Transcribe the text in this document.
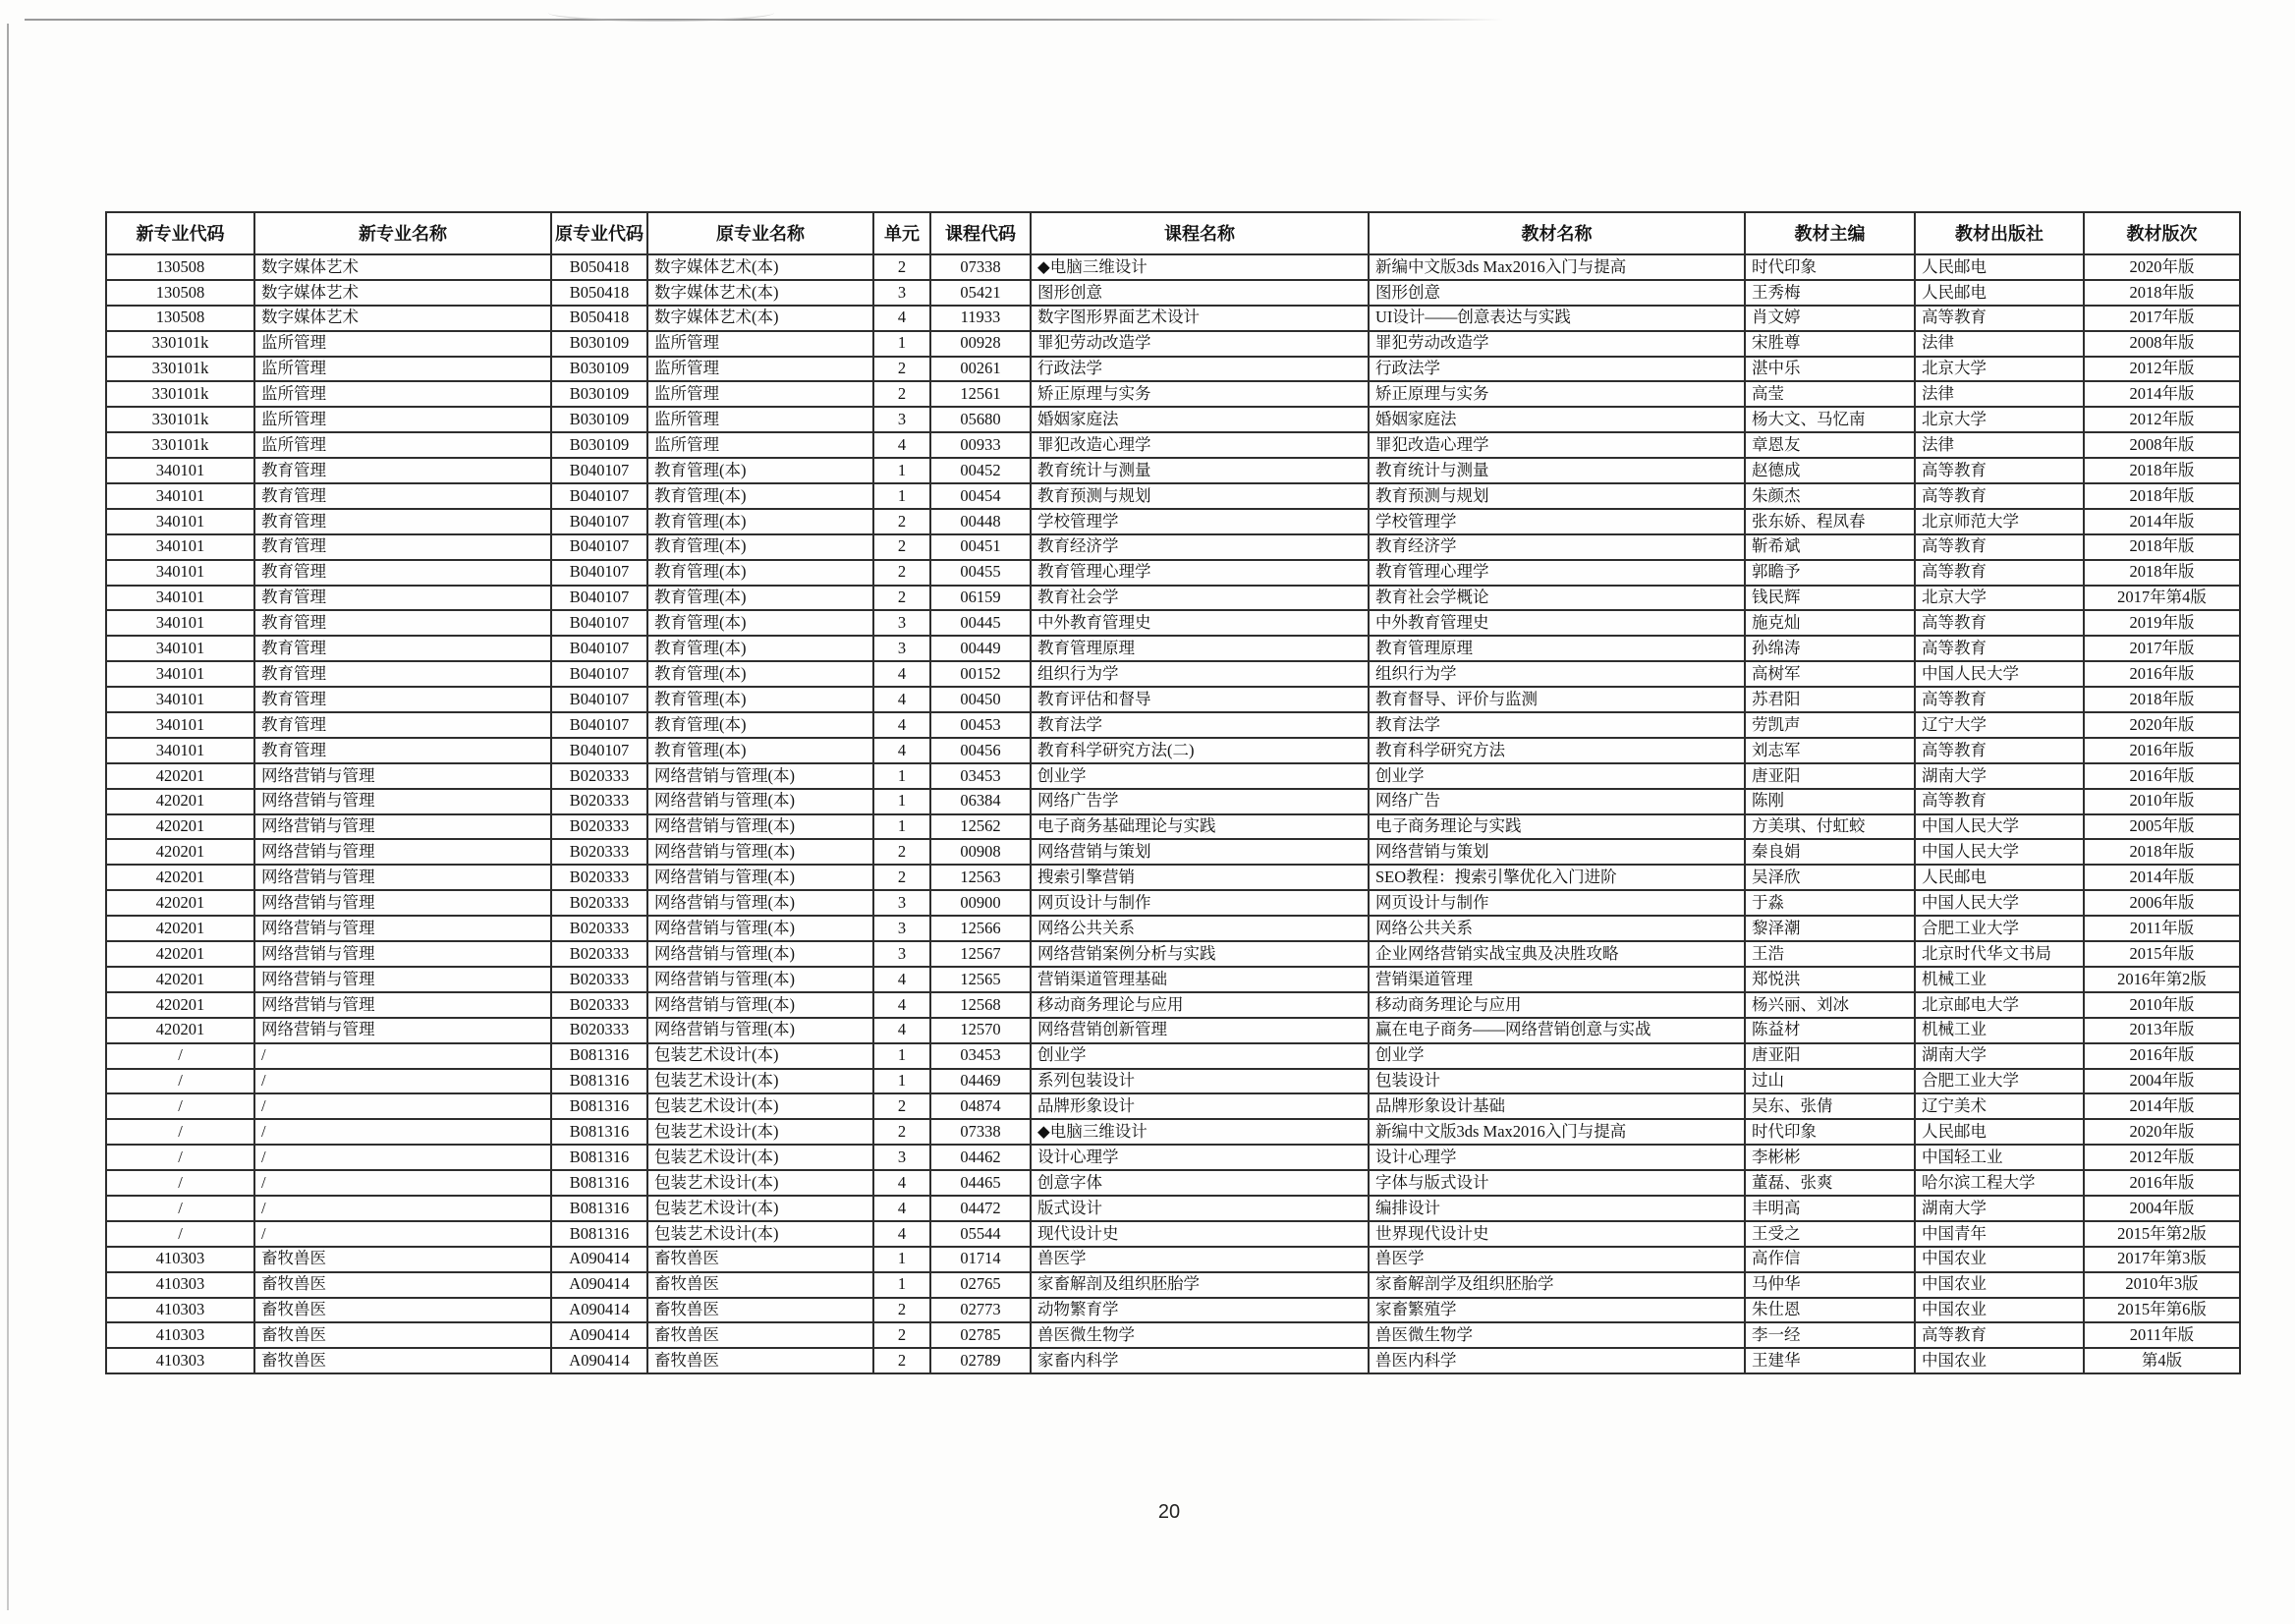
新专业代码	新专业名称	原专业代码	原专业名称	单元	课程代码	课程名称	教材名称	教材主编	教材出版社	教材版次
130508	数字媒体艺术	B050418	数字媒体艺术(本)	2	07338	◆电脑三维设计	新编中文版3ds Max2016入门与提高	时代印象	人民邮电	2020年版
130508	数字媒体艺术	B050418	数字媒体艺术(本)	3	05421	图形创意	图形创意	王秀梅	人民邮电	2018年版
130508	数字媒体艺术	B050418	数字媒体艺术(本)	4	11933	数字图形界面艺术设计	UI设计——创意表达与实践	肖文婷	高等教育	2017年版
330101k	监所管理	B030109	监所管理	1	00928	罪犯劳动改造学	罪犯劳动改造学	宋胜尊	法律	2008年版
330101k	监所管理	B030109	监所管理	2	00261	行政法学	行政法学	湛中乐	北京大学	2012年版
330101k	监所管理	B030109	监所管理	2	12561	矫正原理与实务	矫正原理与实务	高莹	法律	2014年版
330101k	监所管理	B030109	监所管理	3	05680	婚姻家庭法	婚姻家庭法	杨大文、马忆南	北京大学	2012年版
330101k	监所管理	B030109	监所管理	4	00933	罪犯改造心理学	罪犯改造心理学	章恩友	法律	2008年版
340101	教育管理	B040107	教育管理(本)	1	00452	教育统计与测量	教育统计与测量	赵德成	高等教育	2018年版
340101	教育管理	B040107	教育管理(本)	1	00454	教育预测与规划	教育预测与规划	朱颜杰	高等教育	2018年版
340101	教育管理	B040107	教育管理(本)	2	00448	学校管理学	学校管理学	张东娇、程凤春	北京师范大学	2014年版
340101	教育管理	B040107	教育管理(本)	2	00451	教育经济学	教育经济学	靳希斌	高等教育	2018年版
340101	教育管理	B040107	教育管理(本)	2	00455	教育管理心理学	教育管理心理学	郭瞻予	高等教育	2018年版
340101	教育管理	B040107	教育管理(本)	2	06159	教育社会学	教育社会学概论	钱民辉	北京大学	2017年第4版
340101	教育管理	B040107	教育管理(本)	3	00445	中外教育管理史	中外教育管理史	施克灿	高等教育	2019年版
340101	教育管理	B040107	教育管理(本)	3	00449	教育管理原理	教育管理原理	孙绵涛	高等教育	2017年版
340101	教育管理	B040107	教育管理(本)	4	00152	组织行为学	组织行为学	高树军	中国人民大学	2016年版
340101	教育管理	B040107	教育管理(本)	4	00450	教育评估和督导	教育督导、评价与监测	苏君阳	高等教育	2018年版
340101	教育管理	B040107	教育管理(本)	4	00453	教育法学	教育法学	劳凯声	辽宁大学	2020年版
340101	教育管理	B040107	教育管理(本)	4	00456	教育科学研究方法(二)	教育科学研究方法	刘志军	高等教育	2016年版
420201	网络营销与管理	B020333	网络营销与管理(本)	1	03453	创业学	创业学	唐亚阳	湖南大学	2016年版
420201	网络营销与管理	B020333	网络营销与管理(本)	1	06384	网络广告学	网络广告	陈刚	高等教育	2010年版
420201	网络营销与管理	B020333	网络营销与管理(本)	1	12562	电子商务基础理论与实践	电子商务理论与实践	方美琪、付虹蛟	中国人民大学	2005年版
420201	网络营销与管理	B020333	网络营销与管理(本)	2	00908	网络营销与策划	网络营销与策划	秦良娟	中国人民大学	2018年版
420201	网络营销与管理	B020333	网络营销与管理(本)	2	12563	搜索引擎营销	SEO教程：搜索引擎优化入门进阶	吴泽欣	人民邮电	2014年版
420201	网络营销与管理	B020333	网络营销与管理(本)	3	00900	网页设计与制作	网页设计与制作	于淼	中国人民大学	2006年版
420201	网络营销与管理	B020333	网络营销与管理(本)	3	12566	网络公共关系	网络公共关系	黎泽潮	合肥工业大学	2011年版
420201	网络营销与管理	B020333	网络营销与管理(本)	3	12567	网络营销案例分析与实践	企业网络营销实战宝典及决胜攻略	王浩	北京时代华文书局	2015年版
420201	网络营销与管理	B020333	网络营销与管理(本)	4	12565	营销渠道管理基础	营销渠道管理	郑悦洪	机械工业	2016年第2版
420201	网络营销与管理	B020333	网络营销与管理(本)	4	12568	移动商务理论与应用	移动商务理论与应用	杨兴丽、刘冰	北京邮电大学	2010年版
420201	网络营销与管理	B020333	网络营销与管理(本)	4	12570	网络营销创新管理	赢在电子商务——网络营销创意与实战	陈益材	机械工业	2013年版
/	/	B081316	包装艺术设计(本)	1	03453	创业学	创业学	唐亚阳	湖南大学	2016年版
/	/	B081316	包装艺术设计(本)	1	04469	系列包装设计	包装设计	过山	合肥工业大学	2004年版
/	/	B081316	包装艺术设计(本)	2	04874	品牌形象设计	品牌形象设计基础	吴东、张倩	辽宁美术	2014年版
/	/	B081316	包装艺术设计(本)	2	07338	◆电脑三维设计	新编中文版3ds Max2016入门与提高	时代印象	人民邮电	2020年版
/	/	B081316	包装艺术设计(本)	3	04462	设计心理学	设计心理学	李彬彬	中国轻工业	2012年版
/	/	B081316	包装艺术设计(本)	4	04465	创意字体	字体与版式设计	董磊、张爽	哈尔滨工程大学	2016年版
/	/	B081316	包装艺术设计(本)	4	04472	版式设计	编排设计	丰明高	湖南大学	2004年版
/	/	B081316	包装艺术设计(本)	4	05544	现代设计史	世界现代设计史	王受之	中国青年	2015年第2版
410303	畜牧兽医	A090414	畜牧兽医	1	01714	兽医学	兽医学	高作信	中国农业	2017年第3版
410303	畜牧兽医	A090414	畜牧兽医	1	02765	家畜解剖及组织胚胎学	家畜解剖学及组织胚胎学	马仲华	中国农业	2010年3版
410303	畜牧兽医	A090414	畜牧兽医	2	02773	动物繁育学	家畜繁殖学	朱仕恩	中国农业	2015年第6版
410303	畜牧兽医	A090414	畜牧兽医	2	02785	兽医微生物学	兽医微生物学	李一经	高等教育	2011年版
410303	畜牧兽医	A090414	畜牧兽医	2	02789	家畜内科学	兽医内科学	王建华	中国农业	第4版
20
